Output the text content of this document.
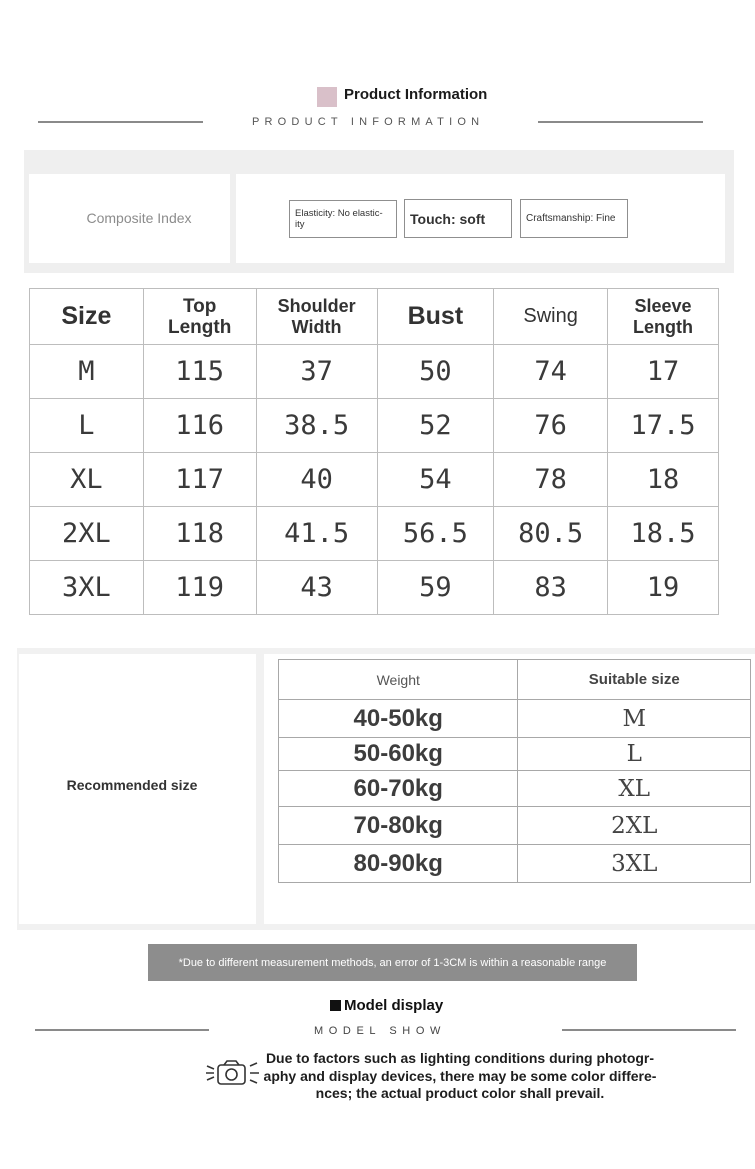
Product Information
PRODUCT INFORMATION
Composite Index	Elasticity: No elastic-ity	Touch: soft	Craftsmanship: Fine
Size	Top Length	Shoulder Width	Bust	Swing	Sleeve Length
M	115	37	50	74	17
L	116	38.5	52	76	17.5
XL	117	40	54	78	18
2XL	118	41.5	56.5	80.5	18.5
3XL	119	43	59	83	19
Recommended size
Weight	Suitable size
40-50kg	M
50-60kg	L
60-70kg	XL
70-80kg	2XL
80-90kg	3XL
*Due to different measurement methods, an error of 1-3CM is within a reasonable range
Model display
MODEL SHOW
Due to factors such as lighting conditions during photogr-aphy and display devices, there may be some color differe-nces; the actual product color shall prevail.
